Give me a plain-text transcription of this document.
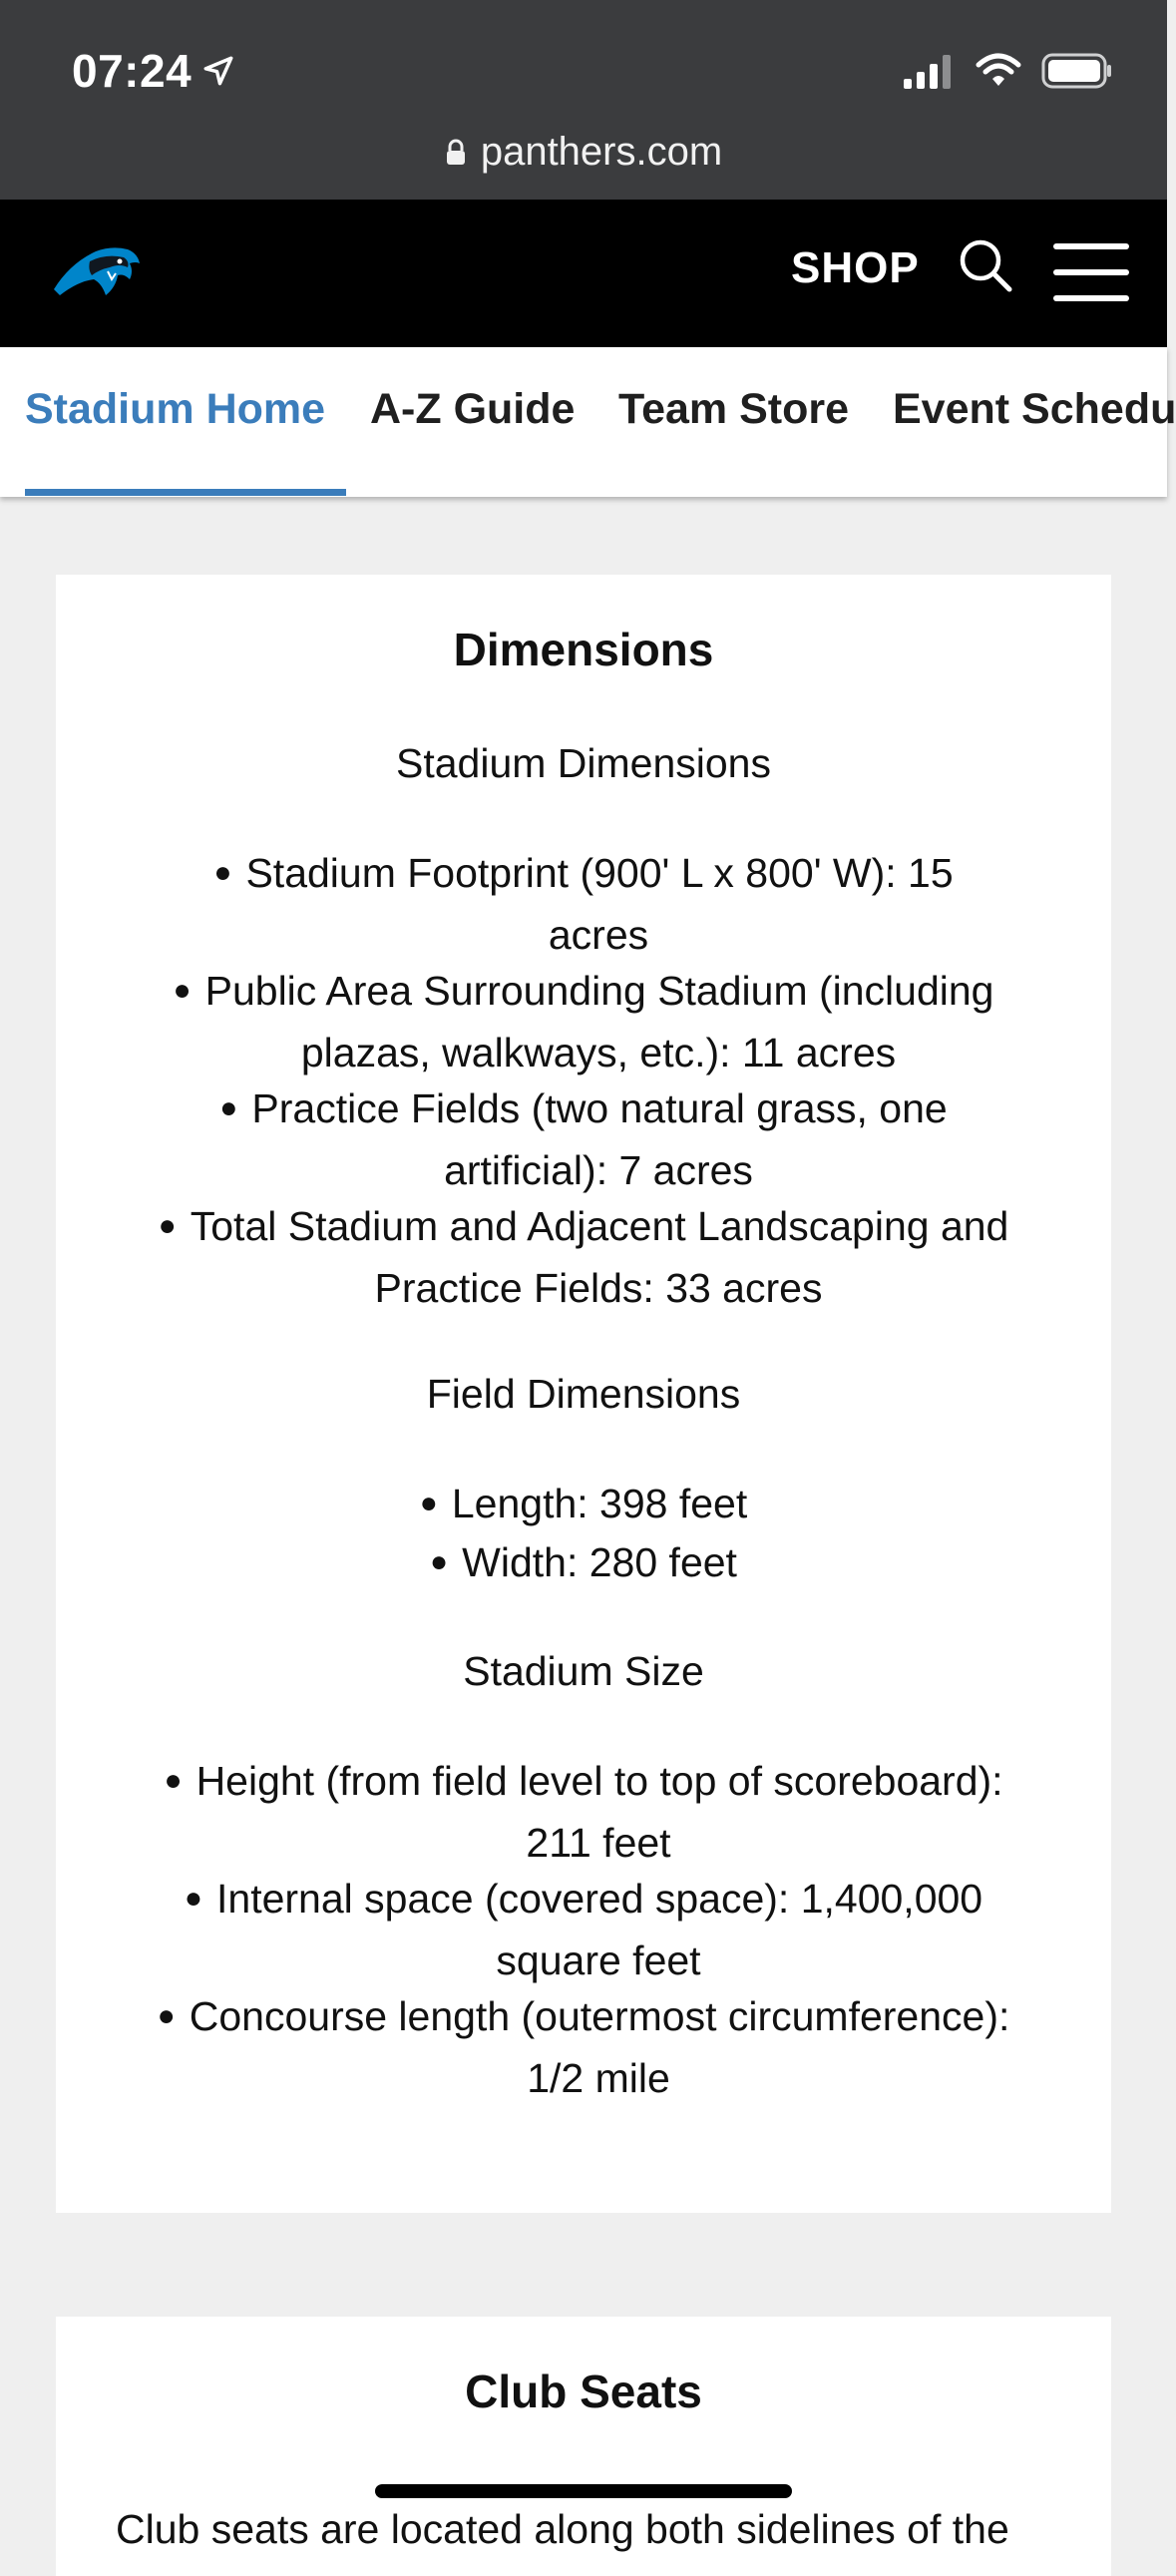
07:24
panthers.com
SHOP
Stadium Home A-Z Guide Team Store Event Schedu
Dimensions
Stadium Dimensions
● Stadium Footprint (900' L x 800' W): 15
acres
● Public Area Surrounding Stadium (including
plazas, walkways, etc.): 11 acres
● Practice Fields (two natural grass, one
artificial): 7 acres
● Total Stadium and Adjacent Landscaping and
Practice Fields: 33 acres
Field Dimensions
● Length: 398 feet
● Width: 280 feet
Stadium Size
● Height (from field level to top of scoreboard):
211 feet
● Internal space (covered space): 1,400,000
square feet
● Concourse length (outermost circumference):
1/2 mile
Club Seats
Club seats are located along both sidelines of the
